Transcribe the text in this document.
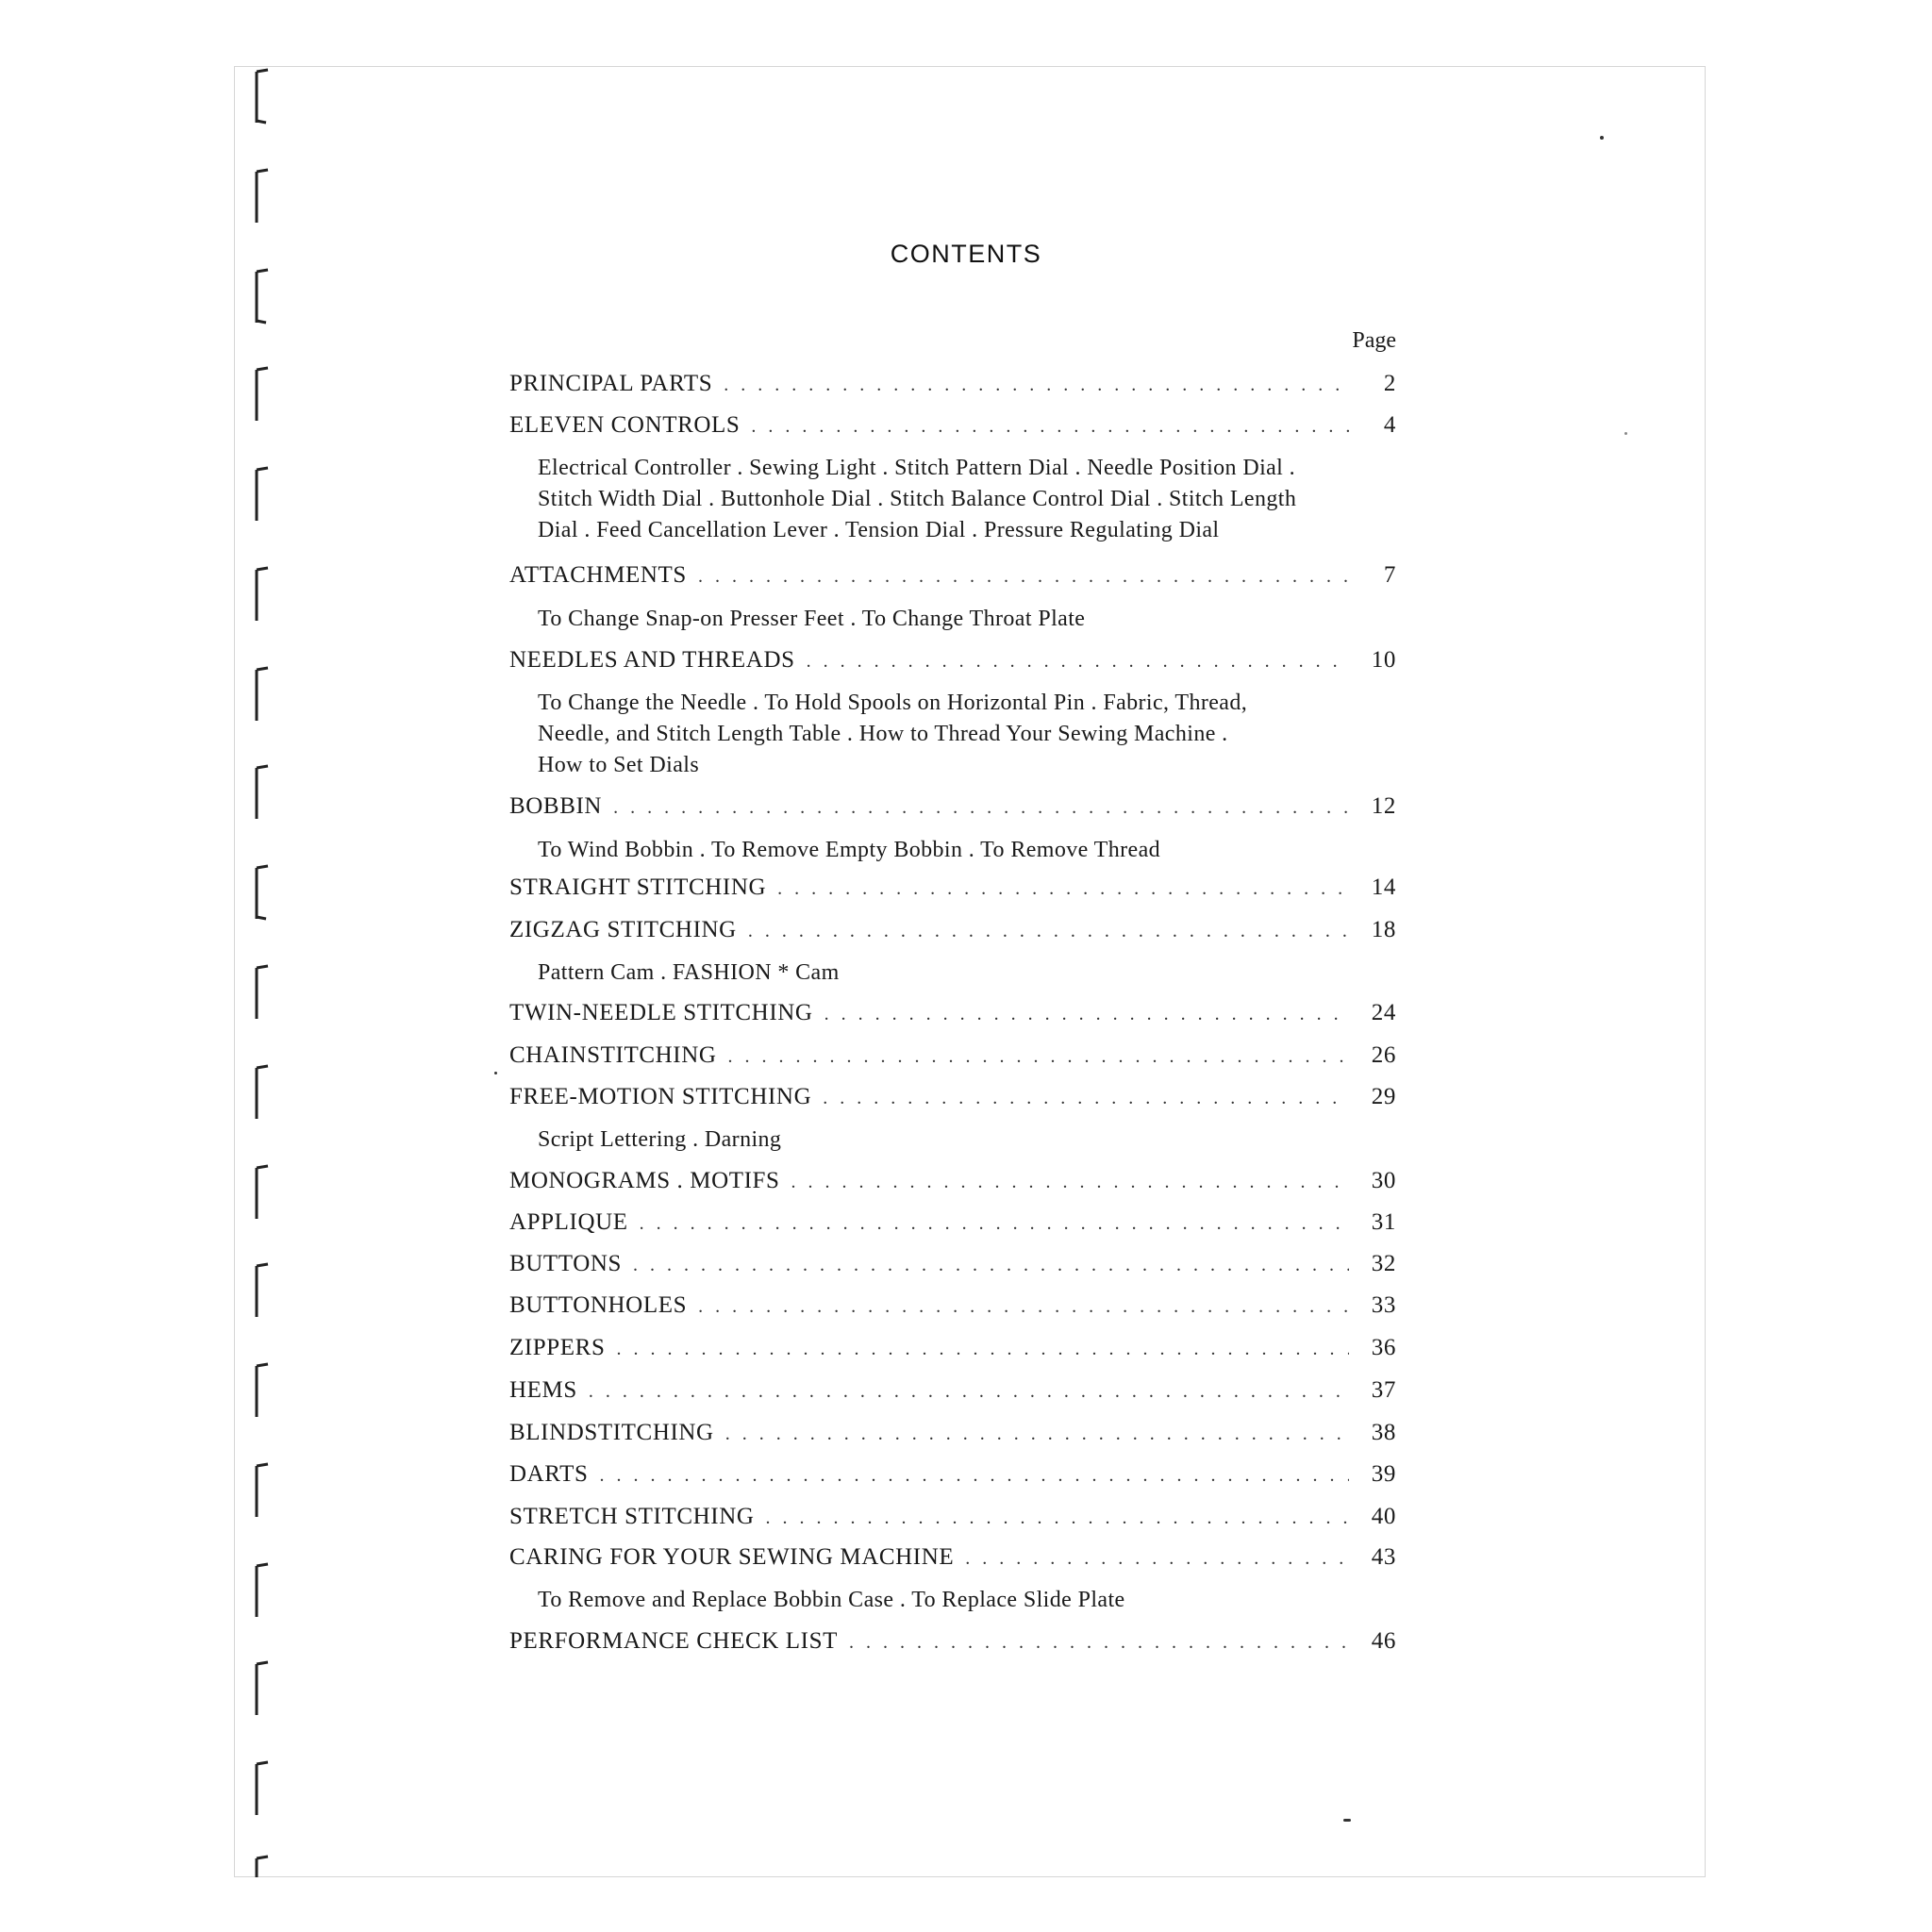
CONTENTS
Page
PRINCIPAL PARTS . . .	2
ELEVEN CONTROLS . . .	4
Electrical Controller . Sewing Light . Stitch Pattern Dial . Needle Position Dial .
Stitch Width Dial . Buttonhole Dial . Stitch Balance Control Dial . Stitch Length
Dial . Feed Cancellation Lever . Tension Dial . Pressure Regulating Dial
ATTACHMENTS . . .	7
To Change Snap-on Presser Feet . To Change Throat Plate
NEEDLES AND THREADS . . .	10
To Change the Needle . To Hold Spools on Horizontal Pin . Fabric, Thread,
Needle, and Stitch Length Table . How to Thread Your Sewing Machine .
How to Set Dials
BOBBIN . . .	12
To Wind Bobbin . To Remove Empty Bobbin . To Remove Thread
STRAIGHT STITCHING . . .	14
ZIGZAG STITCHING . . .	18
Pattern Cam . FASHION * Cam
TWIN-NEEDLE STITCHING . . .	24
CHAINSTITCHING . . .	26
FREE-MOTION STITCHING . . .	29
Script Lettering . Darning
MONOGRAMS . MOTIFS . . .	30
APPLIQUE . . .	31
BUTTONS . . .	32
BUTTONHOLES . . .	33
ZIPPERS . . .	36
HEMS . . .	37
BLINDSTITCHING . . .	38
DARTS . . .	39
STRETCH STITCHING . . .	40
CARING FOR YOUR SEWING MACHINE . . .	43
To Remove and Replace Bobbin Case . To Replace Slide Plate
PERFORMANCE CHECK LIST . . .	46
